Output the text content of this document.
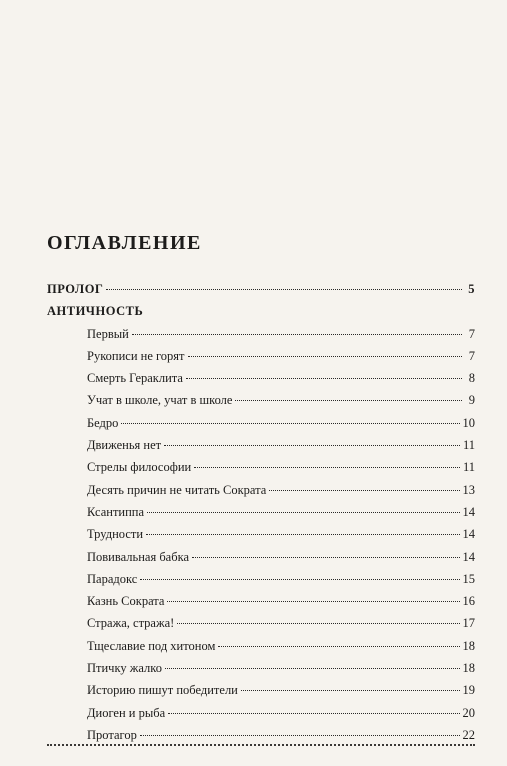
ОГЛАВЛЕНИЕ
ПРОЛОГ	5
АНТИЧНОСТЬ
Первый	7
Рукописи не горят	7
Смерть Гераклита	8
Учат в школе, учат в школе	9
Бедро	10
Движенья нет	11
Стрелы философии	11
Десять причин не читать Сократа	13
Ксантиппа	14
Трудности	14
Повивальная бабка	14
Парадокс	15
Казнь Сократа	16
Стража, стража!	17
Тщеславие под хитоном	18
Птичку жалко	18
Историю пишут победители	19
Диоген и рыба	20
Протагор	22
